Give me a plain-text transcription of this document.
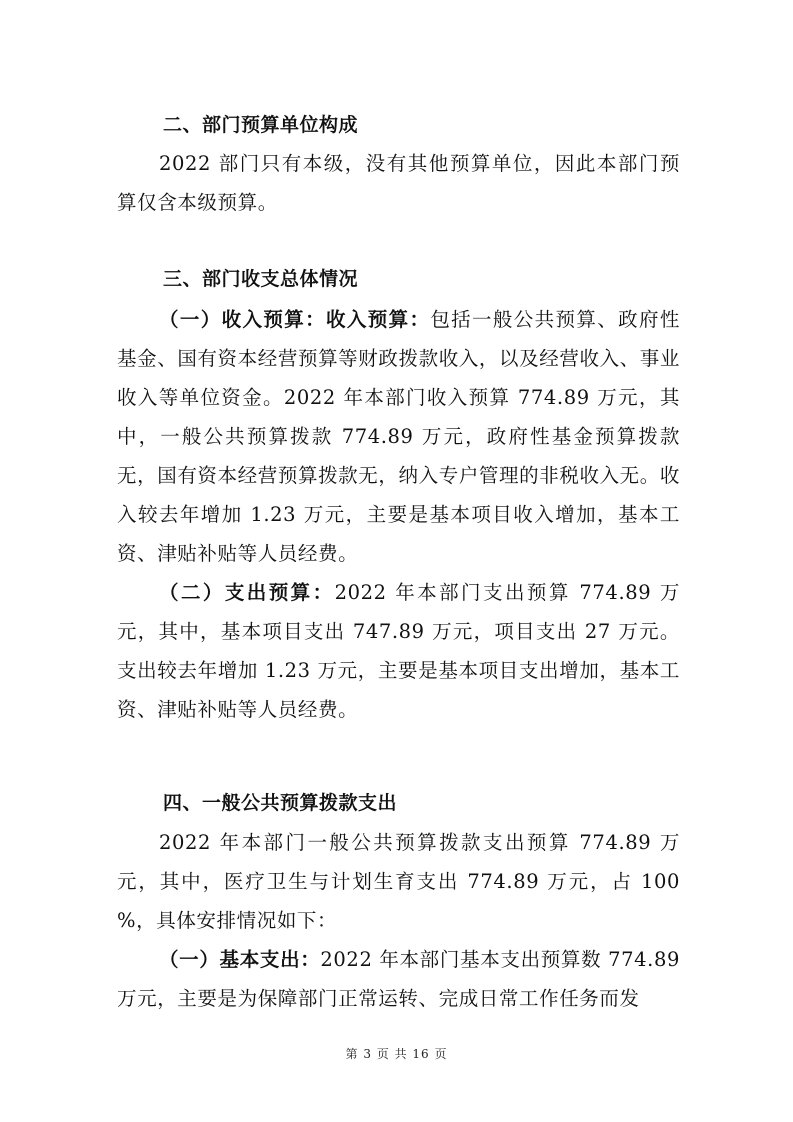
二、部门预算单位构成

2022 部门只有本级，没有其他预算单位，因此本部门预算仅含本级预算。

三、部门收支总体情况

（一）收入预算：收入预算：包括一般公共预算、政府性基金、国有资本经营预算等财政拨款收入，以及经营收入、事业收入等单位资金。2022 年本部门收入预算 774.89 万元，其中，一般公共预算拨款 774.89 万元，政府性基金预算拨款无，国有资本经营预算拨款无，纳入专户管理的非税收入无。收入较去年增加 1.23 万元，主要是基本项目收入增加，基本工资、津贴补贴等人员经费。

（二）支出预算：2022 年本部门支出预算 774.89 万元，其中，基本项目支出 747.89 万元，项目支出 27 万元。支出较去年增加 1.23 万元，主要是基本项目支出增加，基本工资、津贴补贴等人员经费。

四、一般公共预算拨款支出

2022 年本部门一般公共预算拨款支出预算 774.89 万元，其中，医疗卫生与计划生育支出 774.89 万元，占 100　 %，具体安排情况如下：

（一）基本支出：2022 年本部门基本支出预算数 774.89 万元，主要是为保障部门正常运转、完成日常工作任务而发

第 3 页 共 16 页
